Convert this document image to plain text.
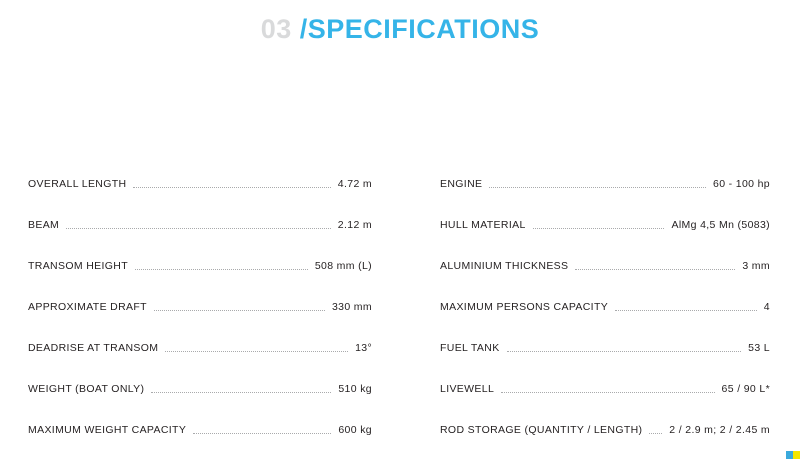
03 /SPECIFICATIONS
OVERALL LENGTH	4.72 m
BEAM	2.12 m
TRANSOM HEIGHT	508 mm (L)
APPROXIMATE DRAFT	330 mm
DEADRISE AT TRANSOM	13°
WEIGHT (BOAT ONLY)	510 kg
MAXIMUM WEIGHT CAPACITY	600 kg
ENGINE	60 - 100 hp
HULL MATERIAL	AlMg 4,5 Mn (5083)
ALUMINIUM THICKNESS	3 mm
MAXIMUM PERSONS CAPACITY	4
FUEL TANK	53 L
LIVEWELL	65 / 90 L*
ROD STORAGE (QUANTITY / LENGTH)	2 / 2.9 m; 2 / 2.45 m
